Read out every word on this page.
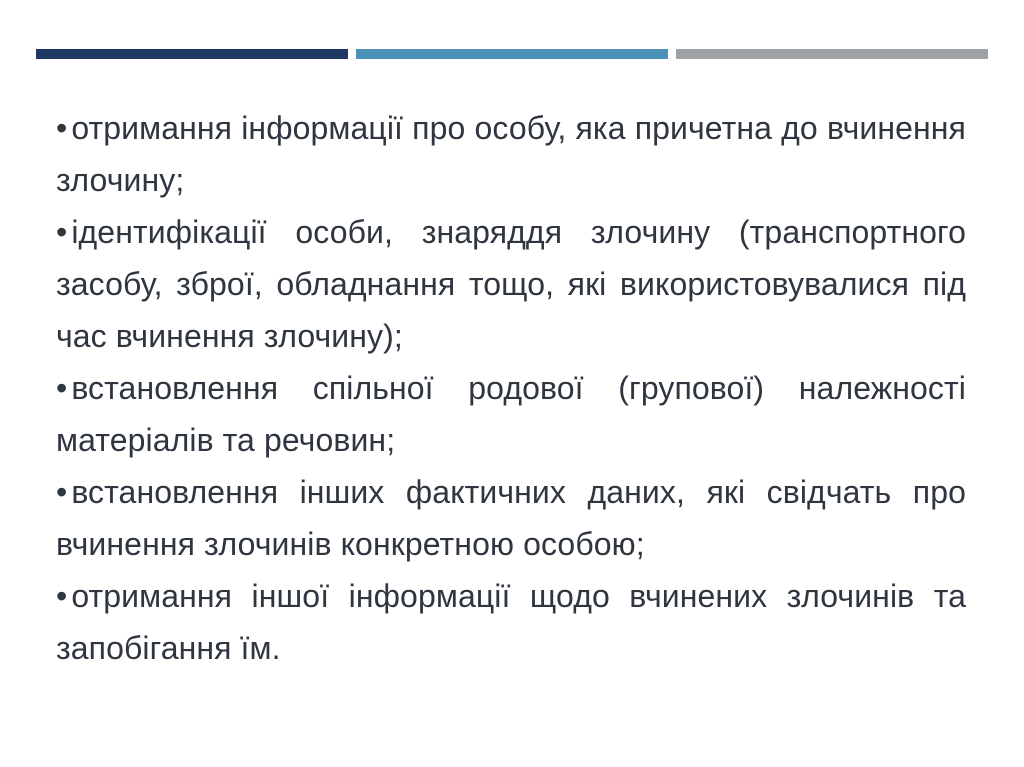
• отримання інформації про особу, яка причетна до вчинення злочину;
• ідентифікації особи, знаряддя злочину (транспортного засобу, зброї, обладнання тощо, які використовувалися під час вчинення злочину);
• встановлення спільної родової (групової) належності матеріалів та речовин;
• встановлення інших фактичних даних, які свідчать про вчинення злочинів конкретною особою;
• отримання іншої інформації щодо вчинених злочинів та запобігання їм.
